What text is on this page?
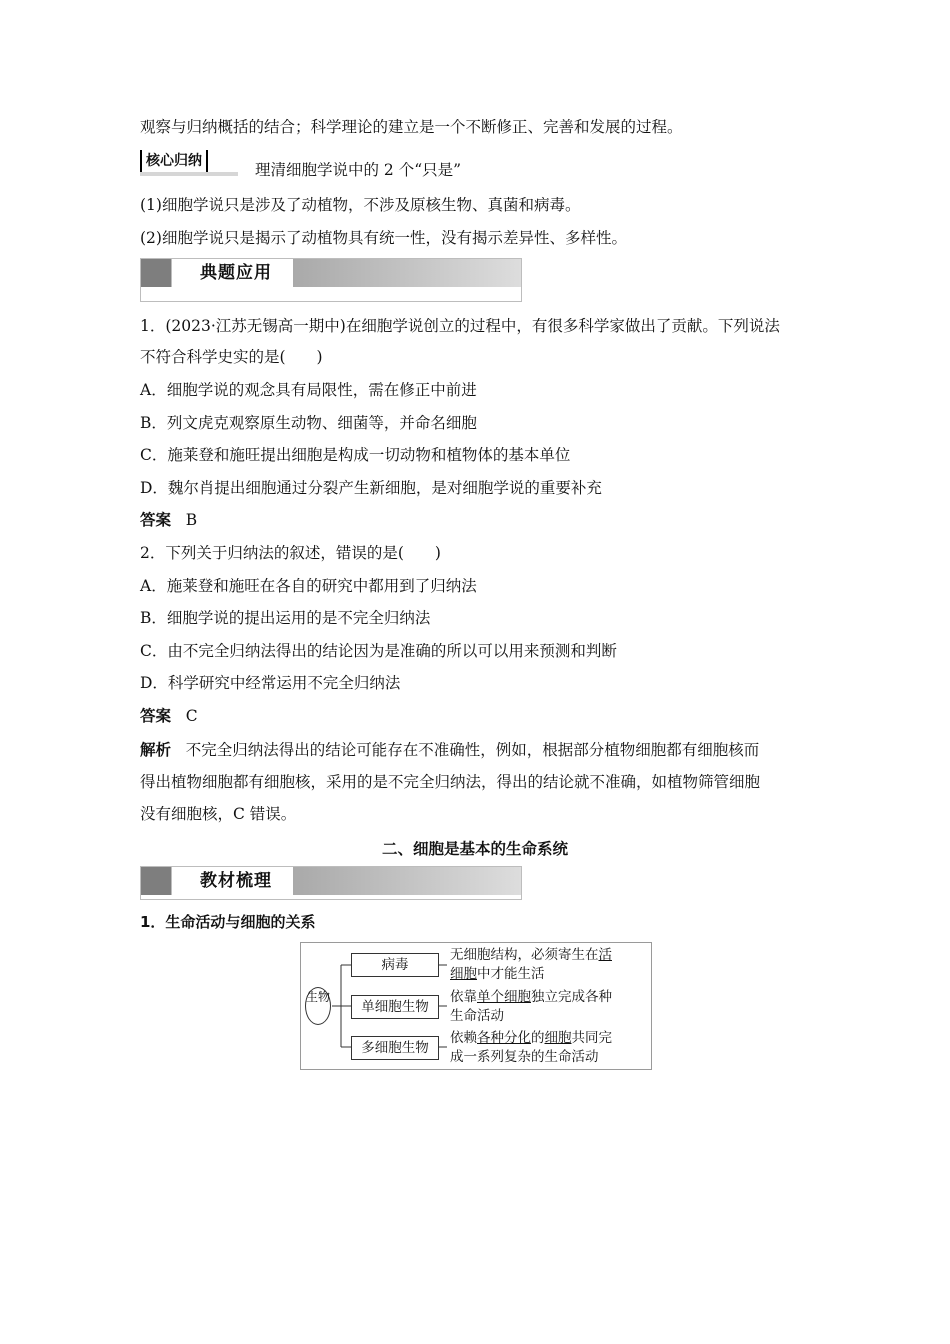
观察与归纳概括的结合；科学理论的建立是一个不断修正、完善和发展的过程。
核心归纳	理清细胞学说中的 2 个“只是”
(1)细胞学说只是涉及了动植物，不涉及原核生物、真菌和病毒。
(2)细胞学说只是揭示了动植物具有统一性，没有揭示差异性、多样性。
典题应用
1．(2023·江苏无锡高一期中)在细胞学说创立的过程中，有很多科学家做出了贡献。下列说法
不符合科学史实的是(　　)
A．细胞学说的观念具有局限性，需在修正中前进
B．列文虎克观察原生动物、细菌等，并命名细胞
C．施莱登和施旺提出细胞是构成一切动物和植物体的基本单位
D．魏尔肖提出细胞通过分裂产生新细胞，是对细胞学说的重要补充
答案 B
2．下列关于归纳法的叙述，错误的是(　　)
A．施莱登和施旺在各自的研究中都用到了归纳法
B．细胞学说的提出运用的是不完全归纳法
C．由不完全归纳法得出的结论因为是准确的所以可以用来预测和判断
D．科学研究中经常运用不完全归纳法
答案 C
解析 不完全归纳法得出的结论可能存在不准确性，例如，根据部分植物细胞都有细胞核而
得出植物细胞都有细胞核，采用的是不完全归纳法，得出的结论就不准确，如植物筛管细胞
没有细胞核，C 错误。
二、细胞是基本的生命系统
教材梳理
1．生命活动与细胞的关系
生物
病毒
单细胞生物
多细胞生物
无细胞结构，必须寄生在活
细胞中才能生活
依靠单个细胞独立完成各种
生命活动
依赖各种分化的细胞共同完
成一系列复杂的生命活动
